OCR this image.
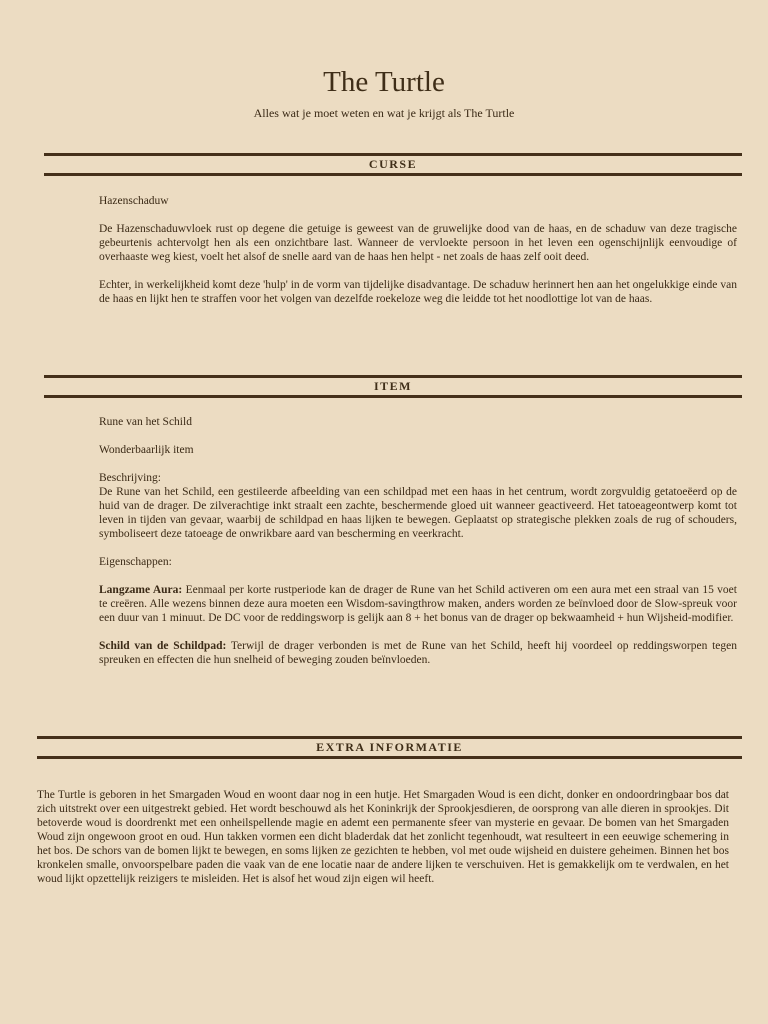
The Turtle
Alles wat je moet weten en wat je krijgt als The Turtle
CURSE

Hazenschaduw

De Hazenschaduwvloek rust op degene die getuige is geweest van de gruwelijke dood van de haas, en de schaduw van deze tragische gebeurtenis achtervolgt hen als een onzichtbare last. Wanneer de vervloekte persoon in het leven een ogenschijnlijk eenvoudige of overhaaste weg kiest, voelt het alsof de snelle aard van de haas hen helpt - net zoals de haas zelf ooit deed.

Echter, in werkelijkheid komt deze 'hulp' in de vorm van tijdelijke disadvantage. De schaduw herinnert hen aan het ongelukkige einde van de haas en lijkt hen te straffen voor het volgen van dezelfde roekeloze weg die leidde tot het noodlottige lot van de haas.

ITEM

Rune van het Schild

Wonderbaarlijk item

Beschrijving:

De Rune van het Schild, een gestileerde afbeelding van een schildpad met een haas in het centrum, wordt zorgvuldig getatoeëerd op de huid van de drager. De zilverachtige inkt straalt een zachte, beschermende gloed uit wanneer geactiveerd. Het tatoeageontwerp komt tot leven in tijden van gevaar, waarbij de schildpad en haas lijken te bewegen. Geplaatst op strategische plekken zoals de rug of schouders, symboliseert deze tatoeage de onwrikbare aard van bescherming en veerkracht.

Eigenschappen:

Langzame Aura: Eenmaal per korte rustperiode kan de drager de Rune van het Schild activeren om een aura met een straal van 15 voet te creëren. Alle wezens binnen deze aura moeten een Wisdom-savingthrow maken, anders worden ze beïnvloed door de Slow-spreuk voor een duur van 1 minuut. De DC voor de reddingsworp is gelijk aan 8 + het bonus van de drager op bekwaamheid + hun Wijsheid-modifier.

Schild van de Schildpad: Terwijl de drager verbonden is met de Rune van het Schild, heeft hij voordeel op reddingsworpen tegen spreuken en effecten die hun snelheid of beweging zouden beïnvloeden.

EXTRA INFORMATIE

The Turtle is geboren in het Smargaden Woud en woont daar nog in een hutje. Het Smargaden Woud is een dicht, donker en ondoordringbaar bos dat zich uitstrekt over een uitgestrekt gebied. Het wordt beschouwd als het Koninkrijk der Sprookjesdieren, de oorsprong van alle dieren in sprookjes. Dit betoverde woud is doordrenkt met een onheilspellende magie en ademt een permanente sfeer van mysterie en gevaar. De bomen van het Smargaden Woud zijn ongewoon groot en oud. Hun takken vormen een dicht bladerdak dat het zonlicht tegenhoudt, wat resulteert in een eeuwige schemering in het bos. De schors van de bomen lijkt te bewegen, en soms lijken ze gezichten te hebben, vol met oude wijsheid en duistere geheimen. Binnen het bos kronkelen smalle, onvoorspelbare paden die vaak van de ene locatie naar de andere lijken te verschuiven. Het is gemakkelijk om te verdwalen, en het woud lijkt opzettelijk reizigers te misleiden. Het is alsof het woud zijn eigen wil heeft.
